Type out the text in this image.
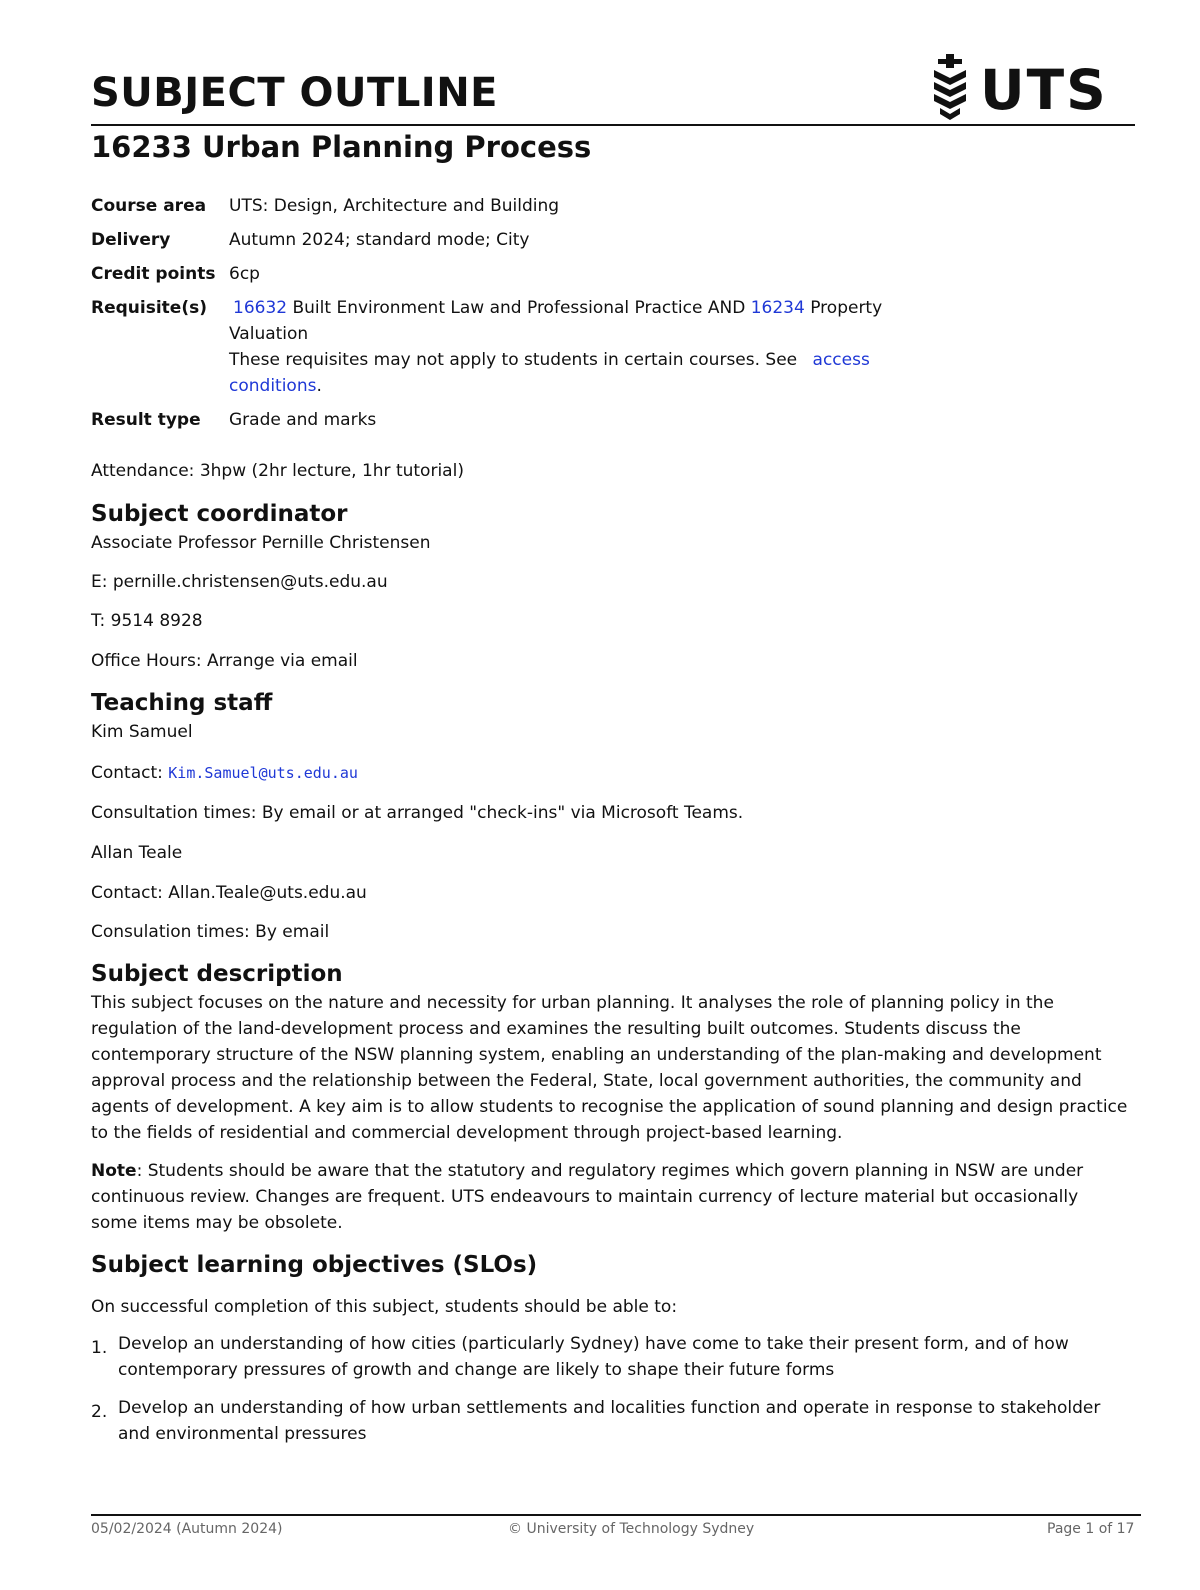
SUBJECT OUTLINE	UTS
16233 Urban Planning Process
Course area	UTS: Design, Architecture and Building
Delivery	Autumn 2024; standard mode; City
Credit points 6cp
Requisite(s)	16632 Built Environment Law and Professional Practice AND 16234 Property Valuation
These requisites may not apply to students in certain courses. See access conditions.
Result type	Grade and marks

Attendance: 3hpw (2hr lecture, 1hr tutorial)

Subject coordinator

Associate Professor Pernille Christensen

E: pernille.christensen@uts.edu.au

T: 9514 8928

Office Hours: Arrange via email

Teaching staff

Kim Samuel

Contact: Kim.Samuel@uts.edu.au

Consultation times: By email or at arranged "check-ins" via Microsoft Teams.

Allan Teale

Contact: Allan.Teale@uts.edu.au

Consulation times: By email

Subject description

This subject focuses on the nature and necessity for urban planning. It analyses the role of planning policy in the regulation of the land-development process and examines the resulting built outcomes. Students discuss the contemporary structure of the NSW planning system, enabling an understanding of the plan-making and development approval process and the relationship between the Federal, State, local government authorities, the community and agents of development. A key aim is to allow students to recognise the application of sound planning and design practice to the fields of residential and commercial development through project-based learning.

Note: Students should be aware that the statutory and regulatory regimes which govern planning in NSW are under continuous review. Changes are frequent. UTS endeavours to maintain currency of lecture material but occasionally some items may be obsolete.

Subject learning objectives (SLOs)

On successful completion of this subject, students should be able to:

1. Develop an understanding of how cities (particularly Sydney) have come to take their present form, and of how contemporary pressures of growth and change are likely to shape their future forms
2. Develop an understanding of how urban settlements and localities function and operate in response to stakeholder and environmental pressures
05/02/2024 (Autumn 2024)	© University of Technology Sydney	Page 1 of 17
